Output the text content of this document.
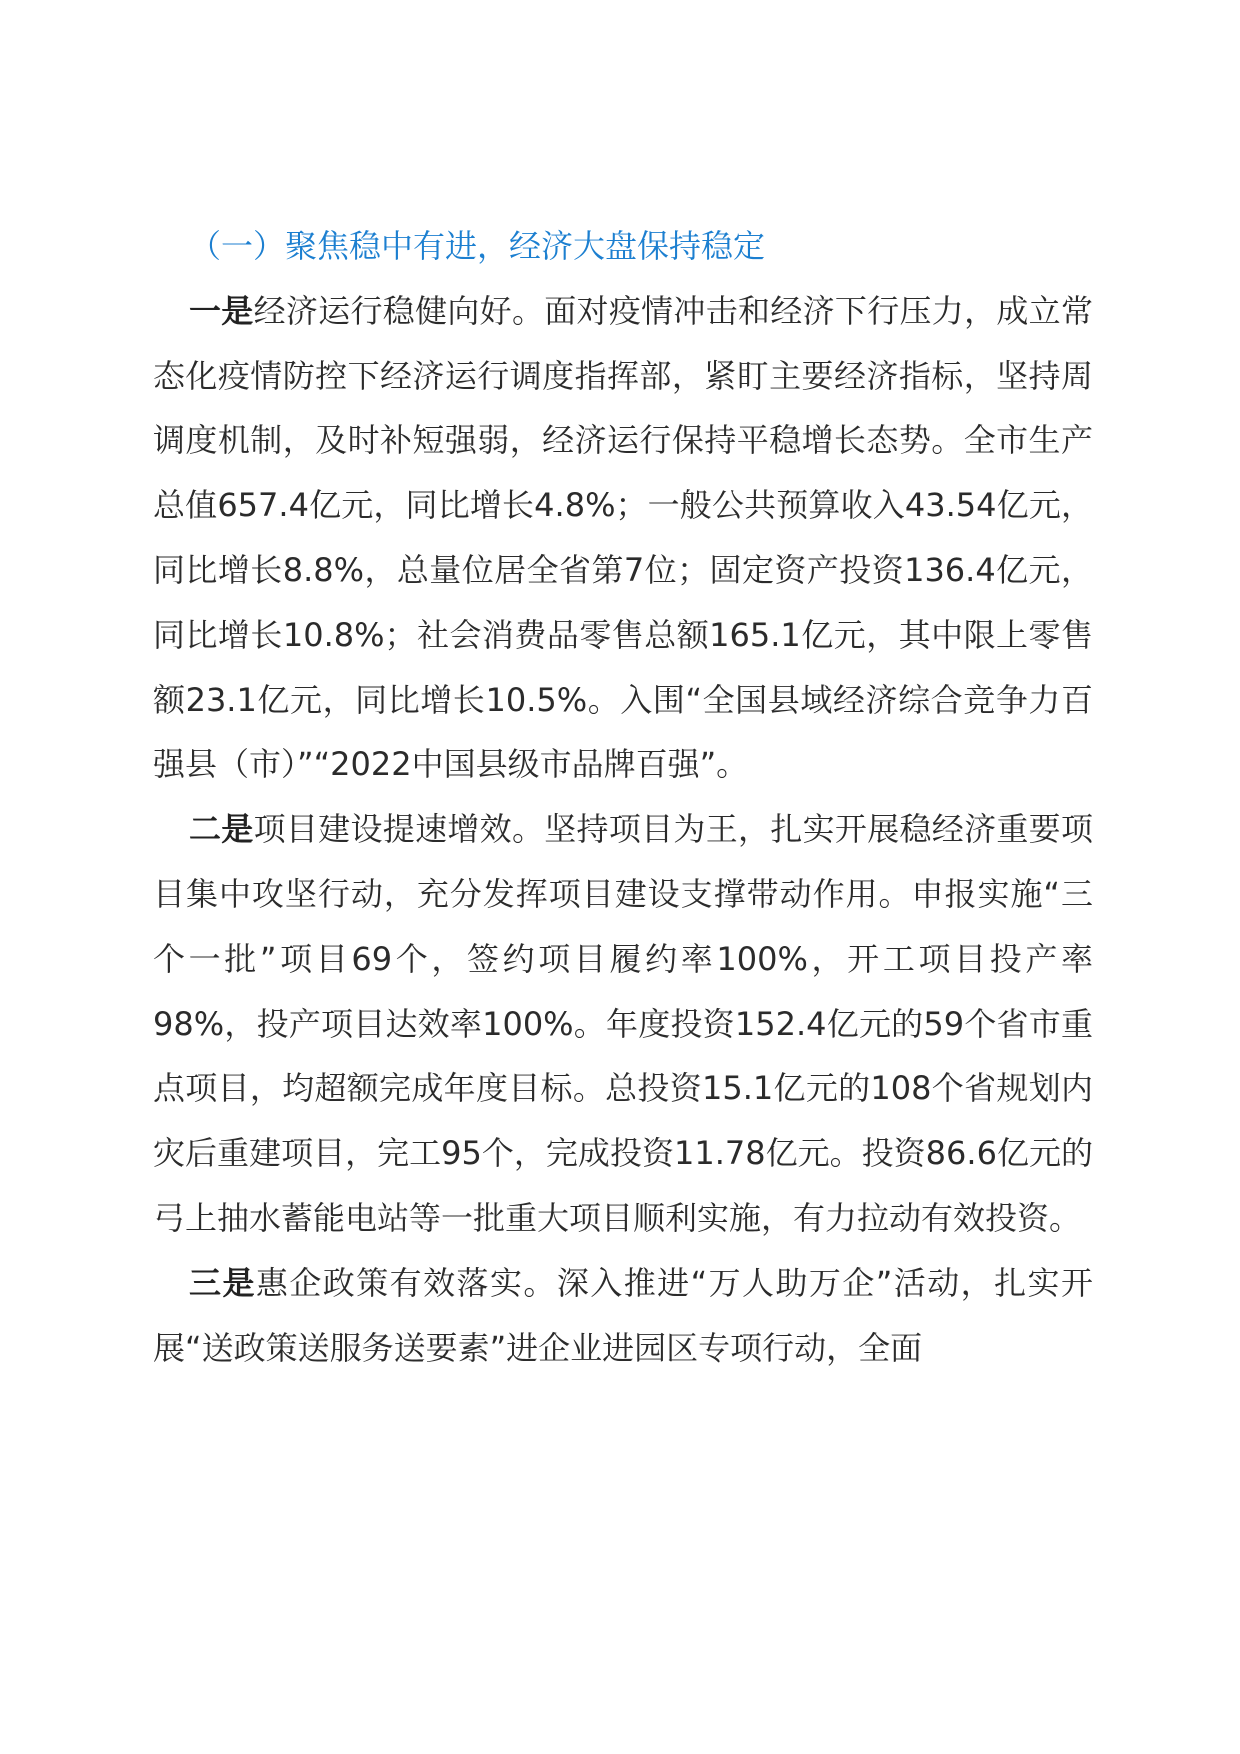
（一）聚焦稳中有进，经济大盘保持稳定

一是经济运行稳健向好。面对疫情冲击和经济下行压力，成立常态化疫情防控下经济运行调度指挥部，紧盯主要经济指标，坚持周调度机制，及时补短强弱，经济运行保持平稳增长态势。全市生产总值657.4亿元，同比增长4.8%；一般公共预算收入43.54亿元，同比增长8.8%，总量位居全省第7位；固定资产投资136.4亿元，同比增长10.8%；社会消费品零售总额165.1亿元，其中限上零售额23.1亿元，同比增长10.5%。入围“全国县域经济综合竞争力百强县（市）”“2022中国县级市品牌百强”。

二是项目建设提速增效。坚持项目为王，扎实开展稳经济重要项目集中攻坚行动，充分发挥项目建设支撑带动作用。申报实施“三个一批”项目69个，签约项目履约率100%，开工项目投产率98%，投产项目达效率100%。年度投资152.4亿元的59个省市重点项目，均超额完成年度目标。总投资15.1亿元的108个省规划内灾后重建项目，完工95个，完成投资11.78亿元。投资86.6亿元的弓上抽水蓄能电站等一批重大项目顺利实施，有力拉动有效投资。

三是惠企政策有效落实。深入推进“万人助万企”活动，扎实开展“送政策送服务送要素”进企业进园区专项行动，全面
